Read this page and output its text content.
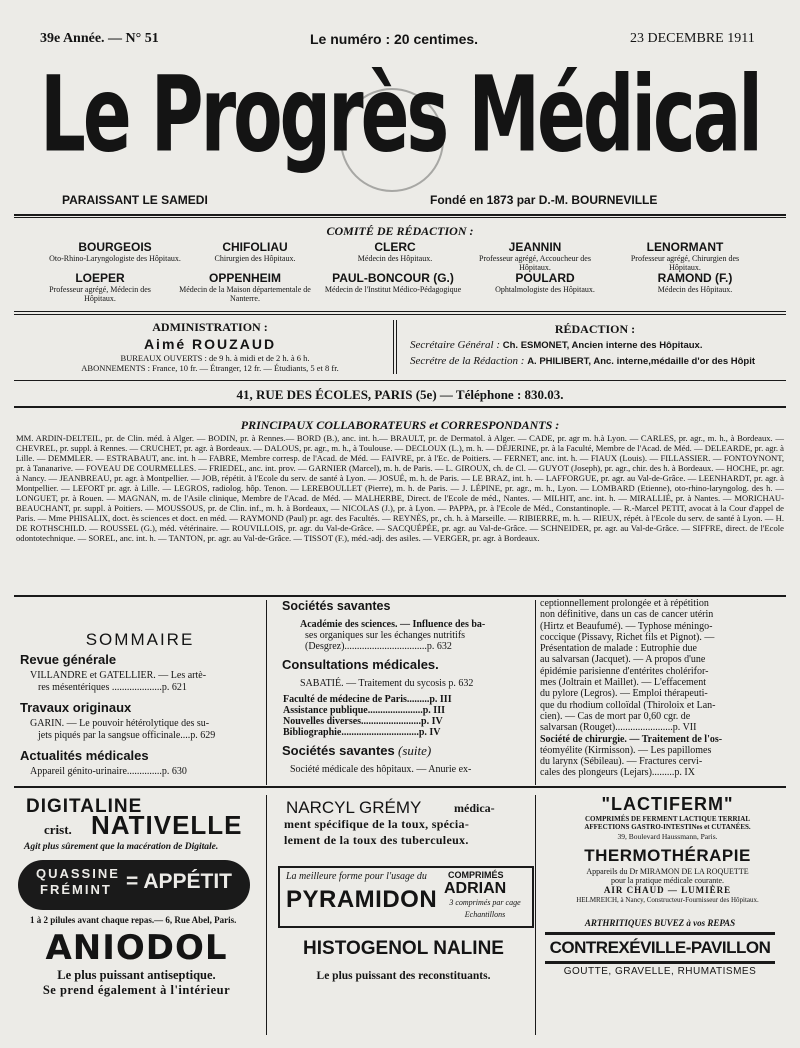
39e Année. — N° 51	Le numéro : 20 centimes.	23 DECEMBRE 1911
Le Progrès Médical
PARAISSANT LE SAMEDI	Fondé en 1873 par D.-M. BOURNEVILLE
COMITÉ DE RÉDACTION :
BOURGEOIS
Oto-Rhino-Laryngologiste des Hôpitaux.
CHIFOLIAU
Chirurgien des Hôpitaux.
CLERC
Médecin des Hôpitaux.
JEANNIN
Professeur agrégé, Accoucheur des Hôpitaux.
LENORMANT
Professeur agrégé, Chirurgien des Hôpitaux.
LOEPER
Professeur agrégé, Médecin des Hôpitaux.
OPPENHEIM
Médecin de la Maison départementale de Nanterre.
PAUL-BONCOUR (G.)
Médecin de l'Institut Médico-Pédagogique
POULARD
Ophtalmologiste des Hôpitaux.
RAMOND (F.)
Médecin des Hôpitaux.
ADMINISTRATION :
Aimé ROUZAUD
BUREAUX OUVERTS : de 9 h. à midi et de 2 h. à 6 h.
ABONNEMENTS : France, 10 fr. — Étranger, 12 fr. — Étudiants, 5 et 8 fr.
RÉDACTION :
Secrétaire Général : Ch. ESMONET, Ancien interne des Hôpitaux.
Secrétre de la Rédaction : A. PHILIBERT, Anc. interne,médaille d'or des Hôpit
41, RUE DES ÉCOLES, PARIS (5e) — Téléphone : 830.03.
PRINCIPAUX COLLABORATEURS et CORRESPONDANTS :
MM. ARDIN-DELTEIL, pr. de Clin. méd. à Alger. — BODIN, pr. à Rennes.— BORD (B.), anc. int. h.— BRAULT, pr. de Dermatol. à Alger. — CADE, pr. agr m. h.à Lyon. — CARLES, pr. agr., m. h., à Bordeaux. — CHEVREL, pr. suppl. à Rennes. — CRUCHET, pr. agr. à Bordeaux. — DALOUS, pr. agr., m. h., à Toulouse. — DECLOUX (L.), m. h. — DÉJERINE, pr. à la Faculté, Membre de l'Acad. de Méd. — DELEARDE, pr. agr. à Lille. — DEMMLER. — ESTRABAUT, anc. int. h — FABRE, Membre corresp. de l'Acad. de Méd. — FAIVRE, pr. à l'Ec. de Poitiers. — FERNET, anc. int. h. — FIAUX (Louis). — FILLASSIER. — FONTOYNONT, pr. à Tananarive. — FOVEAU DE COURMELLES. — FRIEDEL, anc. int. prov. — GARNIER (Marcel), m. h. de Paris. — L. GIROUX, ch. de Cl. — GUYOT (Joseph), pr. agr., chir. des h. à Bordeaux. — HOCHE, pr. agr. à Nancy. — JEANBREAU, pr. agr. à Montpellier. — JOB, répétit. à l'Ecole du serv. de santé à Lyon. — JOSUÉ, m. h. de Paris. — LE BRAZ, int. h. — LAFFORGUE, pr. agr. au Val-de-Grâce. — LEENHARDT, pr. agr. à Montpellier. — LEFORT pr. agr. à Lille. — LEGROS, radiolog. hôp. Tenon. — LEREBOULLET (Pierre), m. h. de Paris. — J. LÉPINE, pr. agr., m. h., Lyon. — LOMBARD (Etienne), oto-rhino-laryngolog. des h. — LONGUET, pr. à Rouen. — MAGNAN, m. de l'Asile clinique, Membre de l'Acad. de Méd. — MALHERBE, Direct. de l'Ecole de méd., Nantes. — MILHIT, anc. int. h. — MIRALLIÉ, pr. à Nantes. — MORICHAU-BEAUCHANT, pr. suppl. à Poitiers. — MOUSSOUS, pr. de Clin. inf., m. h. à Bordeaux, — NICOLAS (J.), pr. à Lyon. — PAPPA, pr. à l'Ecole de Méd., Constantinople. — R.-Marcel PETIT, avocat à la Cour d'appel de Paris. — Mme PHISALIX, doct. ès sciences et doct. en méd. — RAYMOND (Paul) pr. agr. des Facultés. — REYNÈS, pr., ch. h. à Marseille. — RIBIERRE, m. h. — RIEUX, répét. à l'Ecole du serv. de santé à Lyon. — H. DE ROTHSCHILD. — ROUSSEL (G.), méd. vétérinaire. — ROUVILLOIS, pr. agr. du Val-de-Grâce. — SACQUÉPÉE, pr. agr. au Val-de-Grâce. — SCHNEIDER, pr. agr. au Val-de-Grâce. — SIFFRE, direct. de l'Ecole odontotechnique. — SOREL, anc. int. h. — TANTON, pr. agr. au Val-de-Grâce. — TISSOT (F.), méd.-adj. des asiles. — VERGER, pr. agr. à Bordeaux.
SOMMAIRE
Revue générale
VILLANDRE et GATELLIER. — Les artè-
res mésentériques ....................p. 621
Travaux originaux
GARIN. — Le pouvoir hétérolytique des su-
jets piqués par la sangsue officinale....p. 629
Actualités médicales
Appareil génito-urinaire..............p. 630
Sociétés savantes
Académie des sciences. — Influence des ba-
ses organiques sur les échanges nutritifs
(Desgrez).................................p. 632
Consultations médicales.
SABATIÉ. — Traitement du sycosis p. 632
Faculté de médecine de Paris.........p. III
Assistance publique......................p. III
Nouvelles diverses........................p. IV
Bibliographie...............................p. IV
Sociétés savantes (suite)
Société médicale des hôpitaux. — Anurie ex-
ceptionnellement prolongée et à répétition
non définitive, dans un cas de cancer utérin
(Hirtz et Beaufumé). — Typhose méningo-
coccique (Pissavy, Richet fils et Pignot). —
Présentation de malade : Eutrophie due
au salvarsan (Jacquet). — A propos d'une
épidémie parisienne d'entérites cholérifor-
mes (Joltrain et Maillet). — L'effacement
du pylore (Legros). — Emploi thérapeuti-
que du rhodium colloïdal (Thiroloix et Lan-
cien). — Cas de mort par 0,60 cgr. de
salvarsan (Rouget).......................p. VII
Société de chirurgie. — Traitement de l'os-
téomyélite (Kirmisson). — Les papillomes
du larynx (Sébileau). — Fractures cervi-
cales des plongeurs (Lejars).........p. IX
DIGITALINE
crist. NATIVELLE
Agit plus sûrement que la macération de Digitale.
QUASSINE
FRÉMINT = APPÉTIT
1 à 2 pilules avant chaque repas.— 6, Rue Abel, Paris.
ANIODOL
Le plus puissant antiseptique.
Se prend également à l'intérieur
NARCYL GRÉMY	médica-
ment spécifique de la toux, spécia-
lement de la toux des tuberculeux.
La meilleure forme pour l'usage du
PYRAMIDON
COMPRIMÉS
ADRIAN
3 comprimés par cage
Echantillons
HISTOGENOL NALINE
Le plus puissant des reconstituants.
"LACTIFERM"
COMPRIMÉS DE FERMENT LACTIQUE TERRIAL
AFFECTIONS GASTRO-INTESTINes et CUTANÉES.
39, Boulevard Haussmann, Paris.
THERMOTHÉRAPIE
Appareils du Dr MIRAMON DE LA ROQUETTE
pour la pratique médicale courante.
AIR CHAUD — LUMIÈRE
HELMREICH, à Nancy, Constructeur-Fournisseur des Hôpitaux.
ARTHRITIQUES BUVEZ à vos REPAS
CONTREXÉVILLE-PAVILLON
GOUTTE, GRAVELLE, RHUMATISMES
